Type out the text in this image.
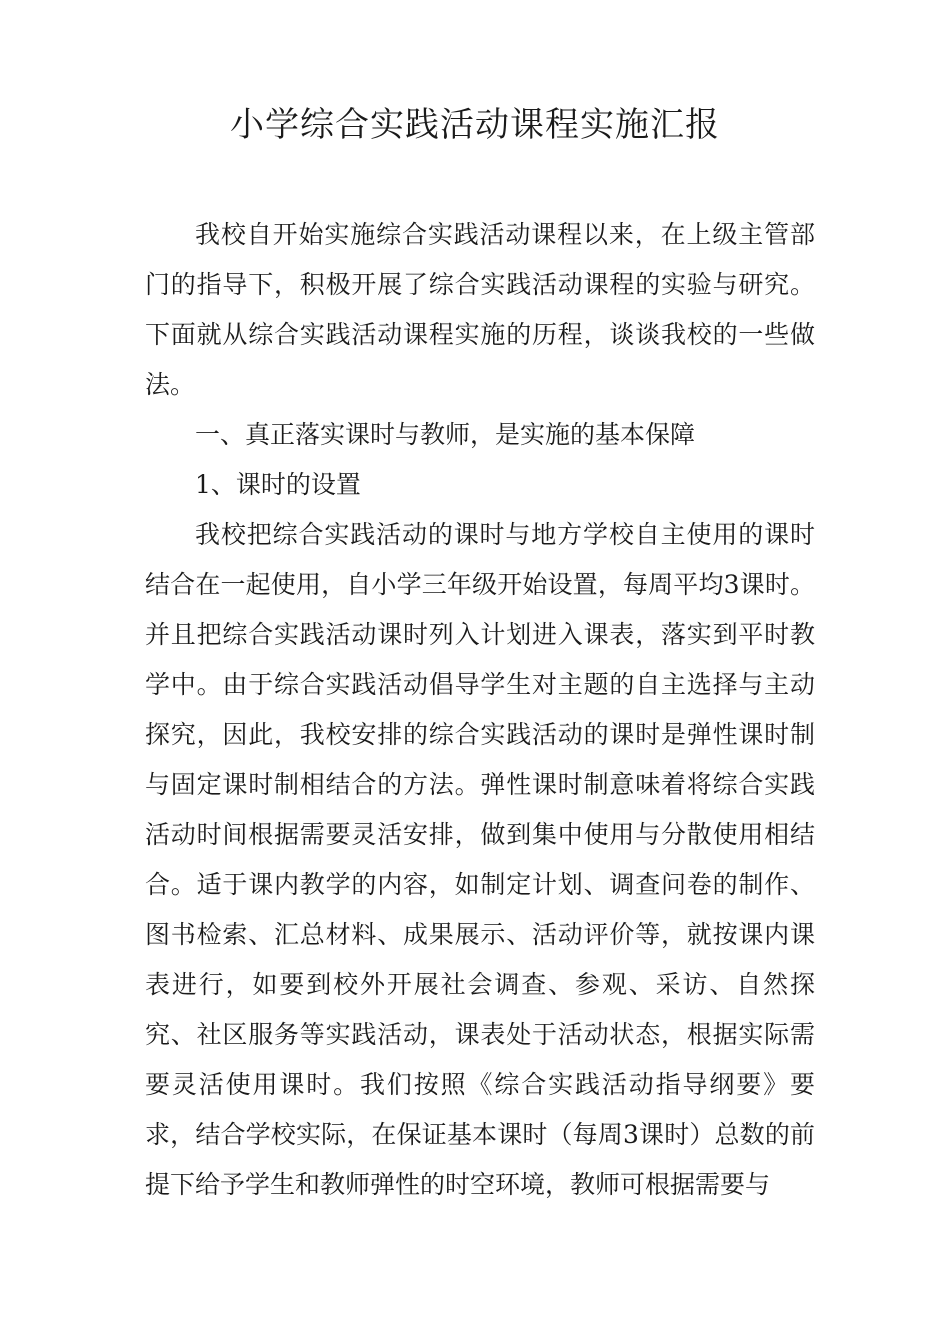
小学综合实践活动课程实施汇报

我校自开始实施综合实践活动课程以来，在上级主管部门的指导下，积极开展了综合实践活动课程的实验与研究。下面就从综合实践活动课程实施的历程，谈谈我校的一些做法。

一、真正落实课时与教师，是实施的基本保障

1、课时的设置

我校把综合实践活动的课时与地方学校自主使用的课时结合在一起使用，自小学三年级开始设置，每周平均3课时。并且把综合实践活动课时列入计划进入课表，落实到平时教学中。由于综合实践活动倡导学生对主题的自主选择与主动探究，因此，我校安排的综合实践活动的课时是弹性课时制与固定课时制相结合的方法。弹性课时制意味着将综合实践活动时间根据需要灵活安排，做到集中使用与分散使用相结合。适于课内教学的内容，如制定计划、调查问卷的制作、图书检索、汇总材料、成果展示、活动评价等，就按课内课表进行，如要到校外开展社会调查、参观、采访、自然探究、社区服务等实践活动，课表处于活动状态，根据实际需要灵活使用课时。我们按照《综合实践活动指导纲要》要求，结合学校实际，在保证基本课时（每周3课时）总数的前提下给予学生和教师弹性的时空环境，教师可根据需要与
